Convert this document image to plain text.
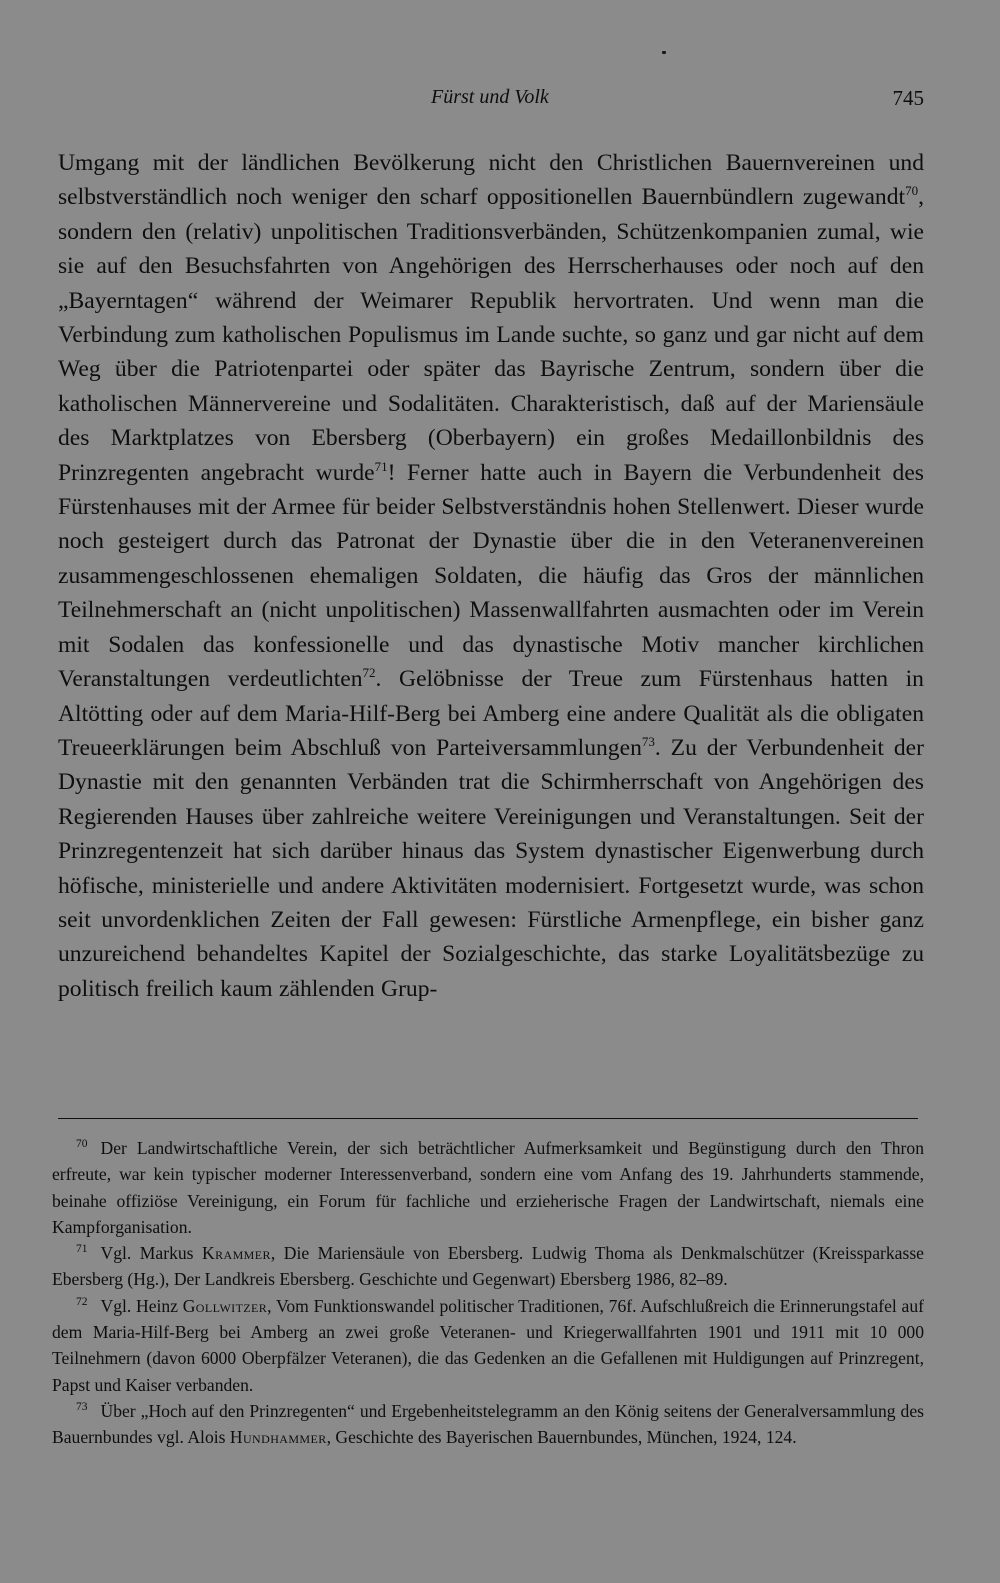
Fürst und Volk	745

Umgang mit der ländlichen Bevölkerung nicht den Christlichen Bauernvereinen und selbstverständlich noch weniger den scharf oppositionellen Bauernbündlern zugewandt$^{70}$, sondern den (relativ) unpolitischen Traditionsverbänden, Schützenkompanien zumal, wie sie auf den Besuchsfahrten von Angehörigen des Herrscherhauses oder noch auf den „Bayerntagen“ während der Weimarer Republik hervortraten. Und wenn man die Verbindung zum katholischen Populismus im Lande suchte, so ganz und gar nicht auf dem Weg über die Patriotenpartei oder später das Bayrische Zentrum, sondern über die katholischen Männervereine und Sodalitäten. Charakteristisch, daß auf der Mariensäule des Marktplatzes von Ebersberg (Oberbayern) ein großes Medaillonbildnis des Prinzregenten angebracht wurde$^{71}$! Ferner hatte auch in Bayern die Verbundenheit des Fürstenhauses mit der Armee für beider Selbstverständnis hohen Stellenwert. Dieser wurde noch gesteigert durch das Patronat der Dynastie über die in den Veteranenvereinen zusammengeschlossenen ehemaligen Soldaten, die häufig das Gros der männlichen Teilnehmerschaft an (nicht unpolitischen) Massenwallfahrten ausmachten oder im Verein mit Sodalen das konfessionelle und das dynastische Motiv mancher kirchlichen Veranstaltungen verdeutlichten$^{72}$. Gelöbnisse der Treue zum Fürstenhaus hatten in Altötting oder auf dem Maria-Hilf-Berg bei Amberg eine andere Qualität als die obligaten Treueerklärungen beim Abschluß von Parteiversammlungen$^{73}$. Zu der Verbundenheit der Dynastie mit den genannten Verbänden trat die Schirmherrschaft von Angehörigen des Regierenden Hauses über zahlreiche weitere Vereinigungen und Veranstaltungen. Seit der Prinzregentenzeit hat sich darüber hinaus das System dynastischer Eigenwerbung durch höfische, ministerielle und andere Aktivitäten modernisiert. Fortgesetzt wurde, was schon seit unvordenklichen Zeiten der Fall gewesen: Fürstliche Armenpflege, ein bisher ganz unzureichend behandeltes Kapitel der Sozialgeschichte, das starke Loyalitätsbezüge zu politisch freilich kaum zählenden Grup-

$^{70}$ Der Landwirtschaftliche Verein, der sich beträchtlicher Aufmerksamkeit und Begünstigung durch den Thron erfreute, war kein typischer moderner Interessenverband, sondern eine vom Anfang des 19. Jahrhunderts stammende, beinahe offiziöse Vereinigung, ein Forum für fachliche und erzieherische Fragen der Landwirtschaft, niemals eine Kampforganisation.

$^{71}$ Vgl. Markus Krammer, Die Mariensäule von Ebersberg. Ludwig Thoma als Denkmalschützer (Kreissparkasse Ebersberg (Hg.), Der Landkreis Ebersberg. Geschichte und Gegenwart) Ebersberg 1986, 82–89.

$^{72}$ Vgl. Heinz Gollwitzer, Vom Funktionswandel politischer Traditionen, 76f. Aufschlußreich die Erinnerungstafel auf dem Maria-Hilf-Berg bei Amberg an zwei große Veteranen- und Kriegerwallfahrten 1901 und 1911 mit 10 000 Teilnehmern (davon 6000 Oberpfälzer Veteranen), die das Gedenken an die Gefallenen mit Huldigungen auf Prinzregent, Papst und Kaiser verbanden.

$^{73}$ Über „Hoch auf den Prinzregenten“ und Ergebenheitstelegramm an den König seitens der Generalversammlung des Bauernbundes vgl. Alois Hundhammer, Geschichte des Bayerischen Bauernbundes, München, 1924, 124.
